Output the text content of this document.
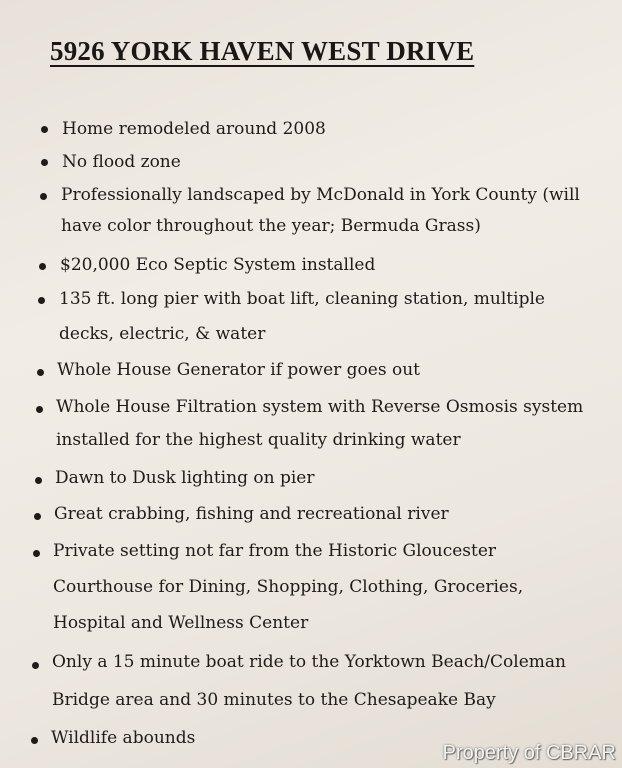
5926 YORK HAVEN WEST DRIVE
Home remodeled around 2008
No flood zone
Professionally landscaped by McDonald in York County (will
have color throughout the year; Bermuda Grass)
$20,000 Eco Septic System installed
135 ft. long pier with boat lift, cleaning station, multiple
decks, electric, & water
Whole House Generator if power goes out
Whole House Filtration system with Reverse Osmosis system
installed for the highest quality drinking water
Dawn to Dusk lighting on pier
Great crabbing, fishing and recreational river
Private setting not far from the Historic Gloucester
Courthouse for Dining, Shopping, Clothing, Groceries,
Hospital and Wellness Center
Only a 15 minute boat ride to the Yorktown Beach/Coleman
Bridge area and 30 minutes to the Chesapeake Bay
Wildlife abounds
Property of CBRAR
